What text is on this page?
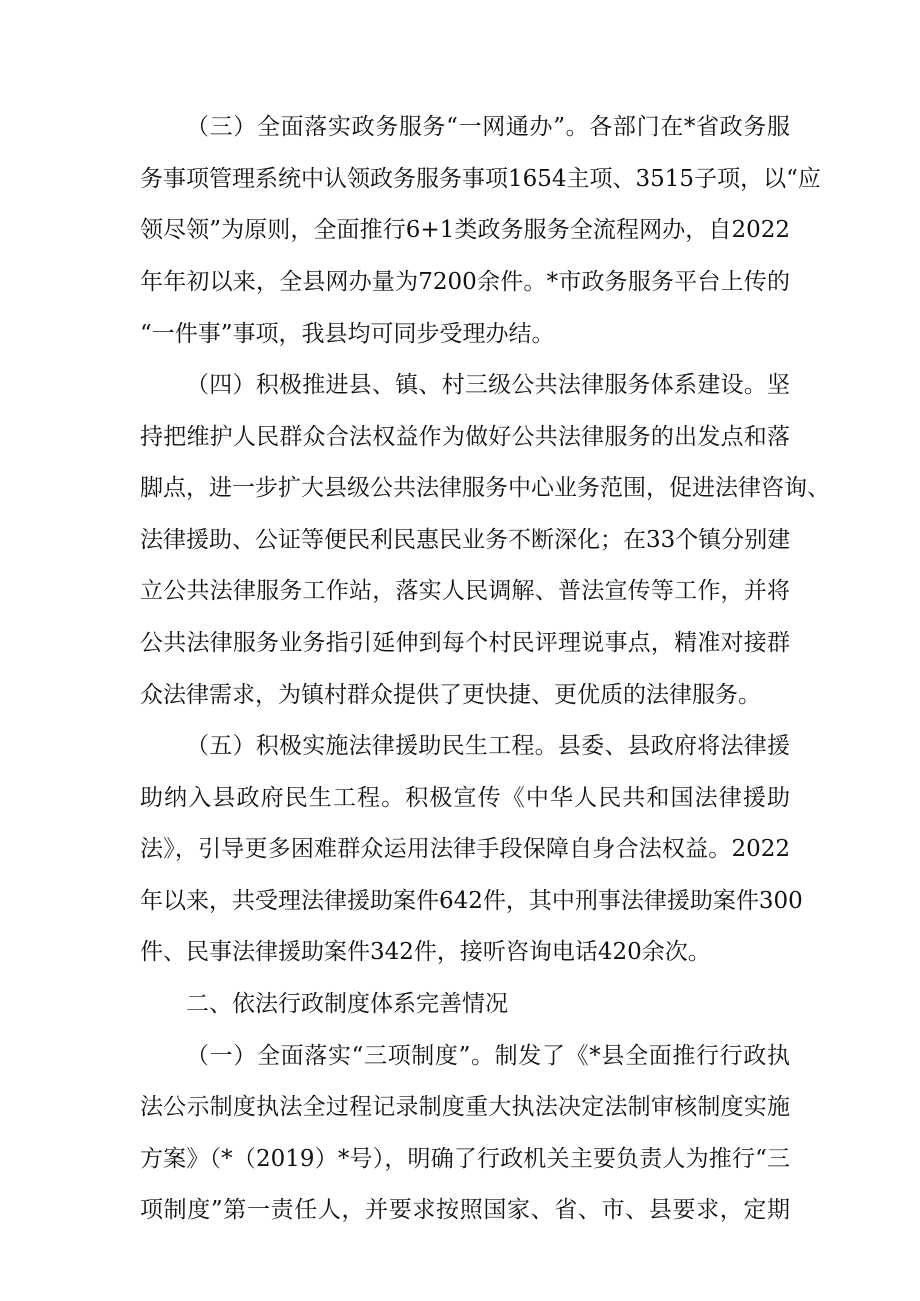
（三）全面落实政务服务“一网通办”。各部门在*省政务服
务事项管理系统中认领政务服务事项1654主项、3515子项，以“应
领尽领”为原则，全面推行6+1类政务服务全流程网办，自2022
年年初以来，全县网办量为7200余件。*市政务服务平台上传的
“一件事”事项，我县均可同步受理办结。
（四）积极推进县、镇、村三级公共法律服务体系建设。坚
持把维护人民群众合法权益作为做好公共法律服务的出发点和落
脚点，进一步扩大县级公共法律服务中心业务范围，促进法律咨询、
法律援助、公证等便民利民惠民业务不断深化；在33个镇分别建
立公共法律服务工作站，落实人民调解、普法宣传等工作，并将
公共法律服务业务指引延伸到每个村民评理说事点，精准对接群
众法律需求，为镇村群众提供了更快捷、更优质的法律服务。
（五）积极实施法律援助民生工程。县委、县政府将法律援
助纳入县政府民生工程。积极宣传《中华人民共和国法律援助
法》，引导更多困难群众运用法律手段保障自身合法权益。2022
年以来，共受理法律援助案件642件，其中刑事法律援助案件300
件、民事法律援助案件342件，接听咨询电话420余次。
二、依法行政制度体系完善情况
（一）全面落实“三项制度”。制发了《*县全面推行行政执
法公示制度执法全过程记录制度重大执法决定法制审核制度实施
方案》（*（2019）*号），明确了行政机关主要负责人为推行“三
项制度”第一责任人，并要求按照国家、省、市、县要求，定期
